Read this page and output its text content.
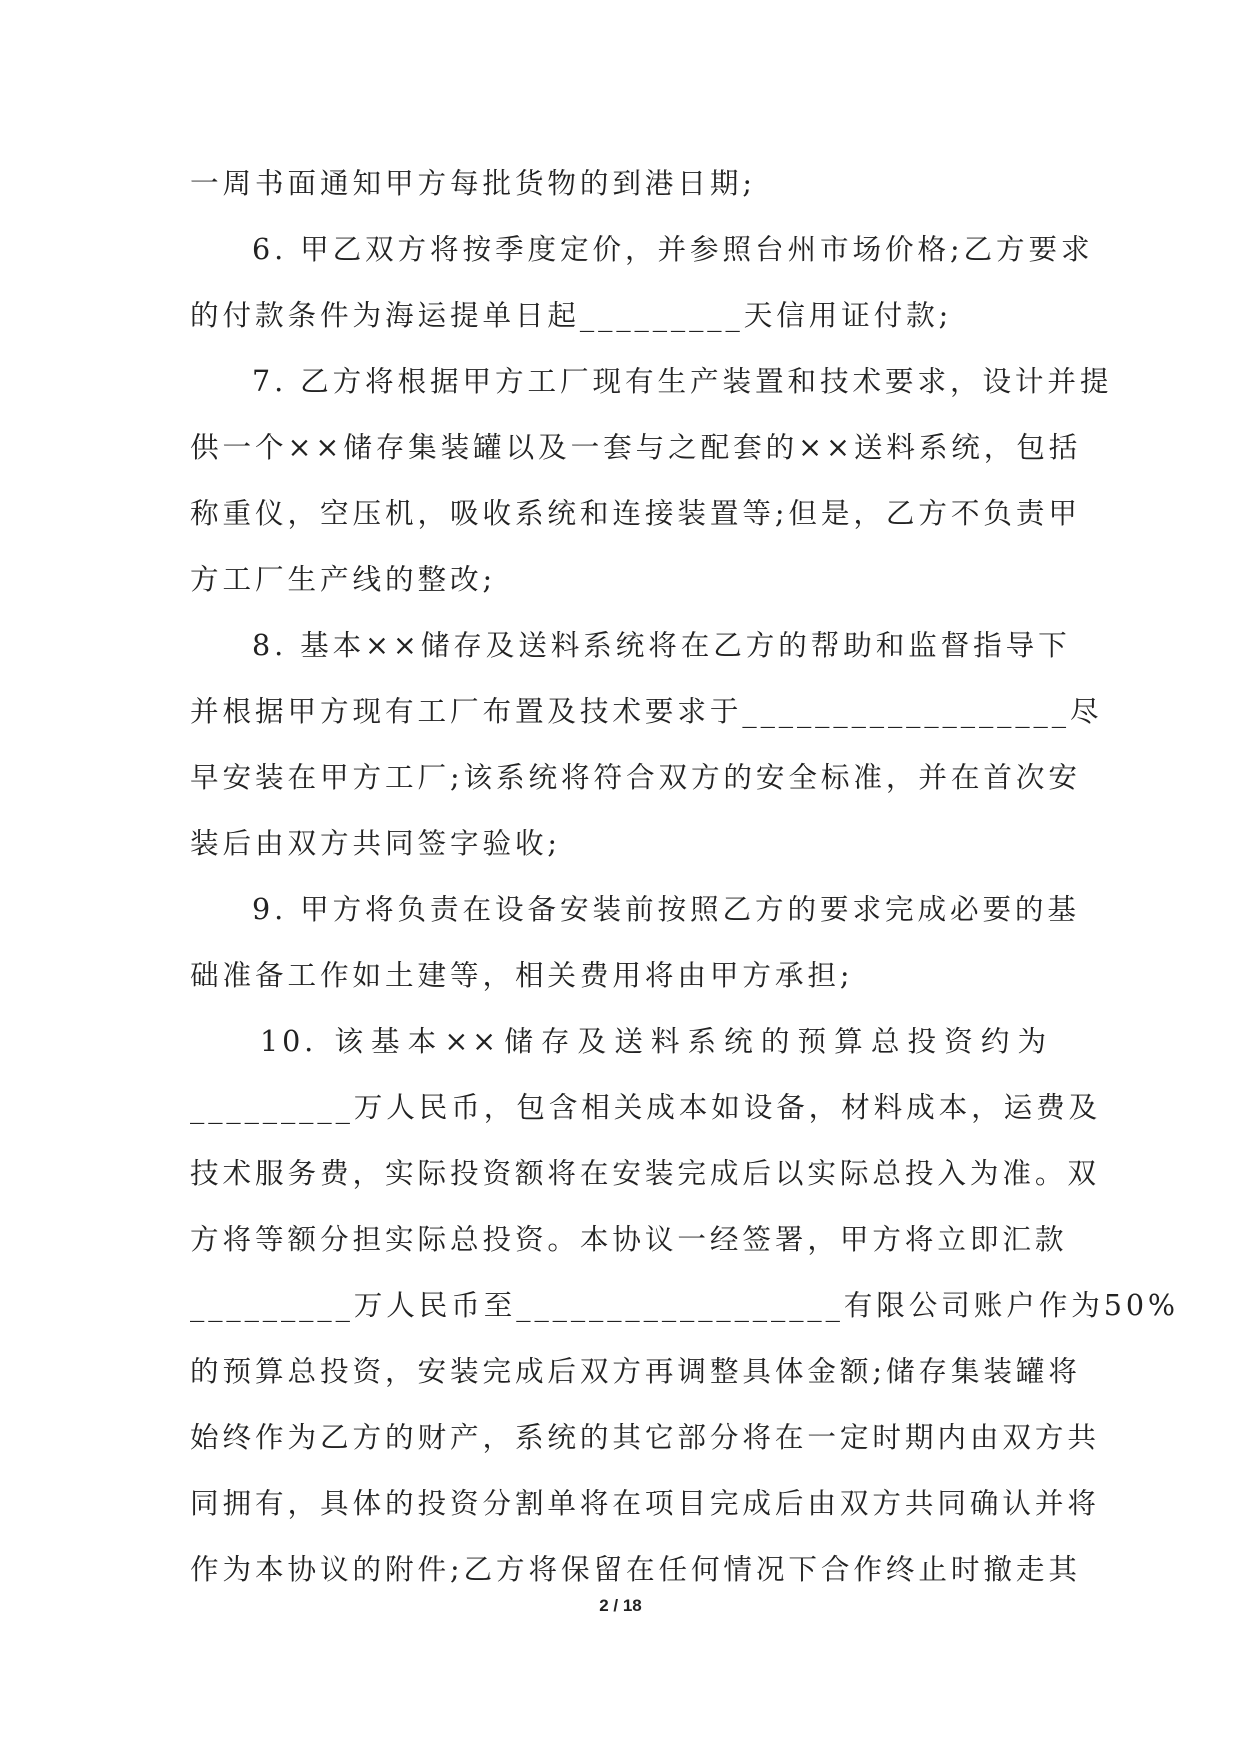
一周书面通知甲方每批货物的到港日期;
6. 甲乙双方将按季度定价，并参照台州市场价格;乙方要求
的付款条件为海运提单日起_________天信用证付款;
7. 乙方将根据甲方工厂现有生产装置和技术要求，设计并提
供一个××储存集装罐以及一套与之配套的××送料系统，包括
称重仪，空压机，吸收系统和连接装置等;但是，乙方不负责甲
方工厂生产线的整改;
8. 基本××储存及送料系统将在乙方的帮助和监督指导下
并根据甲方现有工厂布置及技术要求于__________________尽
早安装在甲方工厂;该系统将符合双方的安全标准，并在首次安
装后由双方共同签字验收;
9. 甲方将负责在设备安装前按照乙方的要求完成必要的基
础准备工作如土建等，相关费用将由甲方承担;
10. 该基本××储存及送料系统的预算总投资约为
_________万人民币，包含相关成本如设备，材料成本，运费及
技术服务费，实际投资额将在安装完成后以实际总投入为准。双
方将等额分担实际总投资。本协议一经签署，甲方将立即汇款
_________万人民币至__________________有限公司账户作为50%
的预算总投资，安装完成后双方再调整具体金额;储存集装罐将
始终作为乙方的财产，系统的其它部分将在一定时期内由双方共
同拥有，具体的投资分割单将在项目完成后由双方共同确认并将
作为本协议的附件;乙方将保留在任何情况下合作终止时撤走其
2 / 18
